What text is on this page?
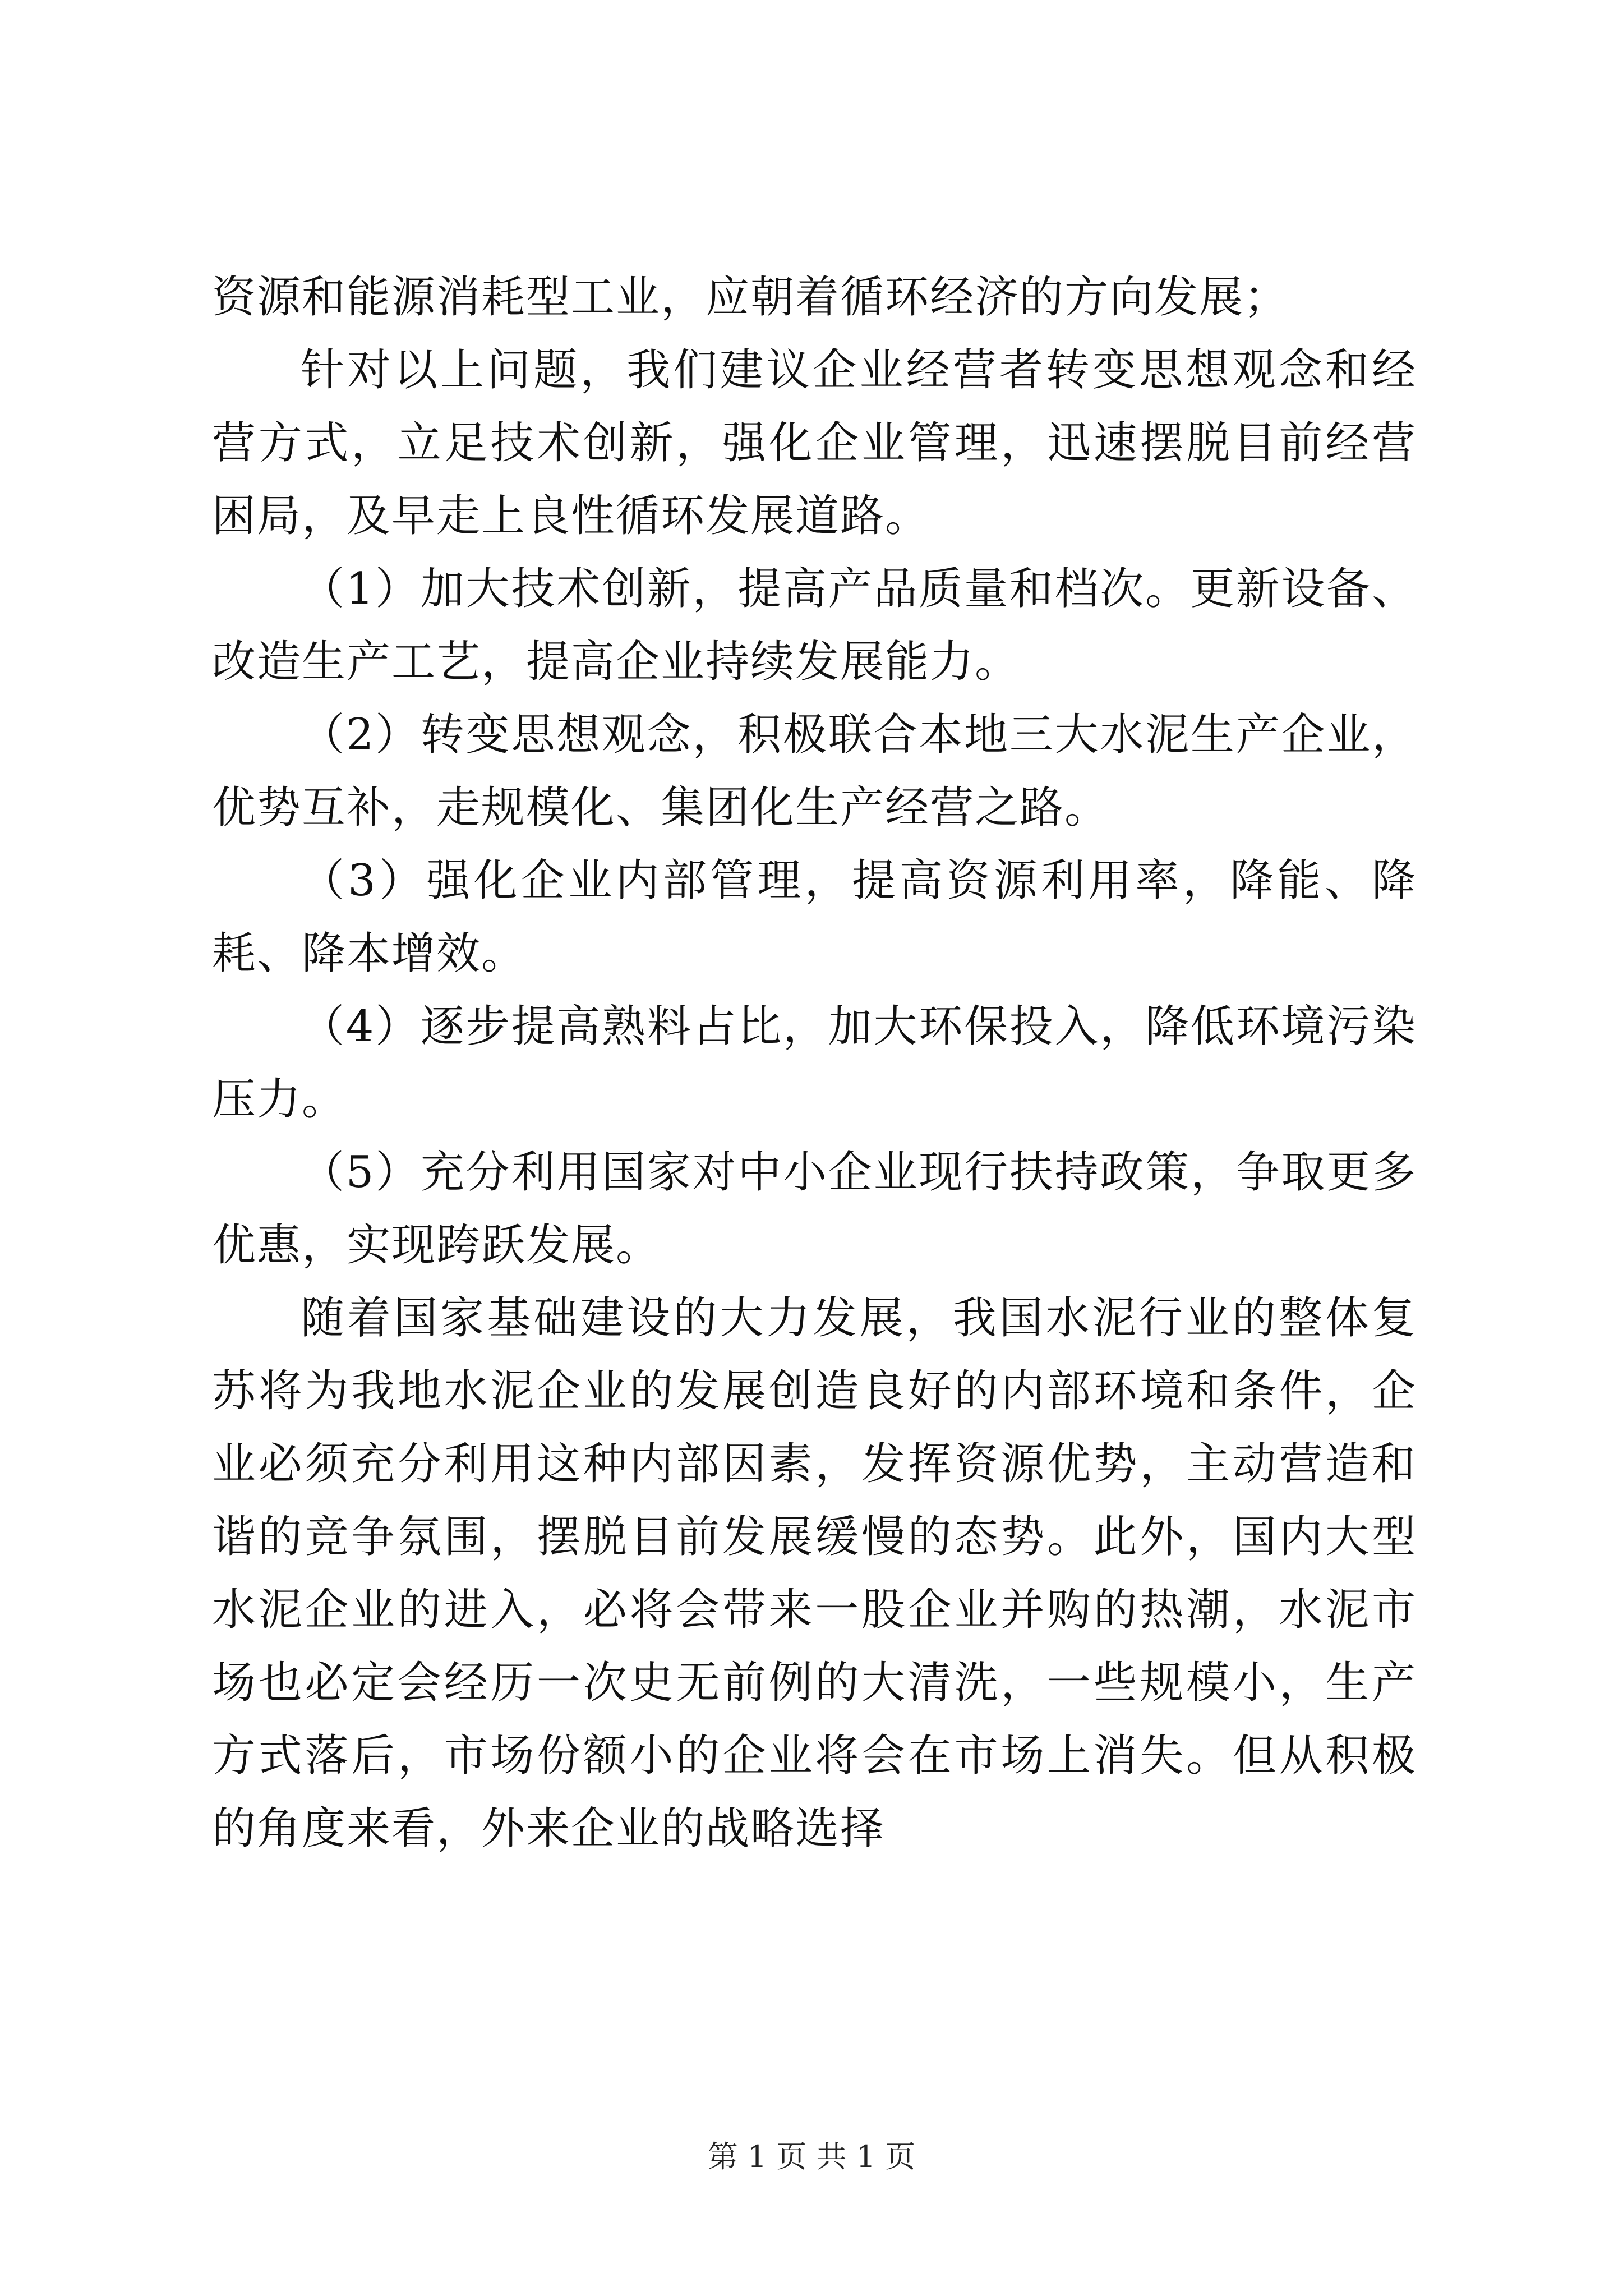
资源和能源消耗型工业，应朝着循环经济的方向发展；

针对以上问题，我们建议企业经营者转变思想观念和经营方式，立足技术创新，强化企业管理，迅速摆脱目前经营困局，及早走上良性循环发展道路。

（1）加大技术创新，提高产品质量和档次。更新设备、改造生产工艺，提高企业持续发展能力。

（2）转变思想观念，积极联合本地三大水泥生产企业，优势互补，走规模化、集团化生产经营之路。

（3）强化企业内部管理，提高资源利用率，降能、降耗、降本增效。

（4）逐步提高熟料占比，加大环保投入，降低环境污染压力。

（5）充分利用国家对中小企业现行扶持政策，争取更多优惠，实现跨跃发展。

随着国家基础建设的大力发展，我国水泥行业的整体复苏将为我地水泥企业的发展创造良好的内部环境和条件，企业必须充分利用这种内部因素，发挥资源优势，主动营造和谐的竞争氛围，摆脱目前发展缓慢的态势。此外，国内大型水泥企业的进入，必将会带来一股企业并购的热潮，水泥市场也必定会经历一次史无前例的大清洗，一些规模小，生产方式落后，市场份额小的企业将会在市场上消失。但从积极的角度来看，外来企业的战略选择

第 1 页 共 1 页
